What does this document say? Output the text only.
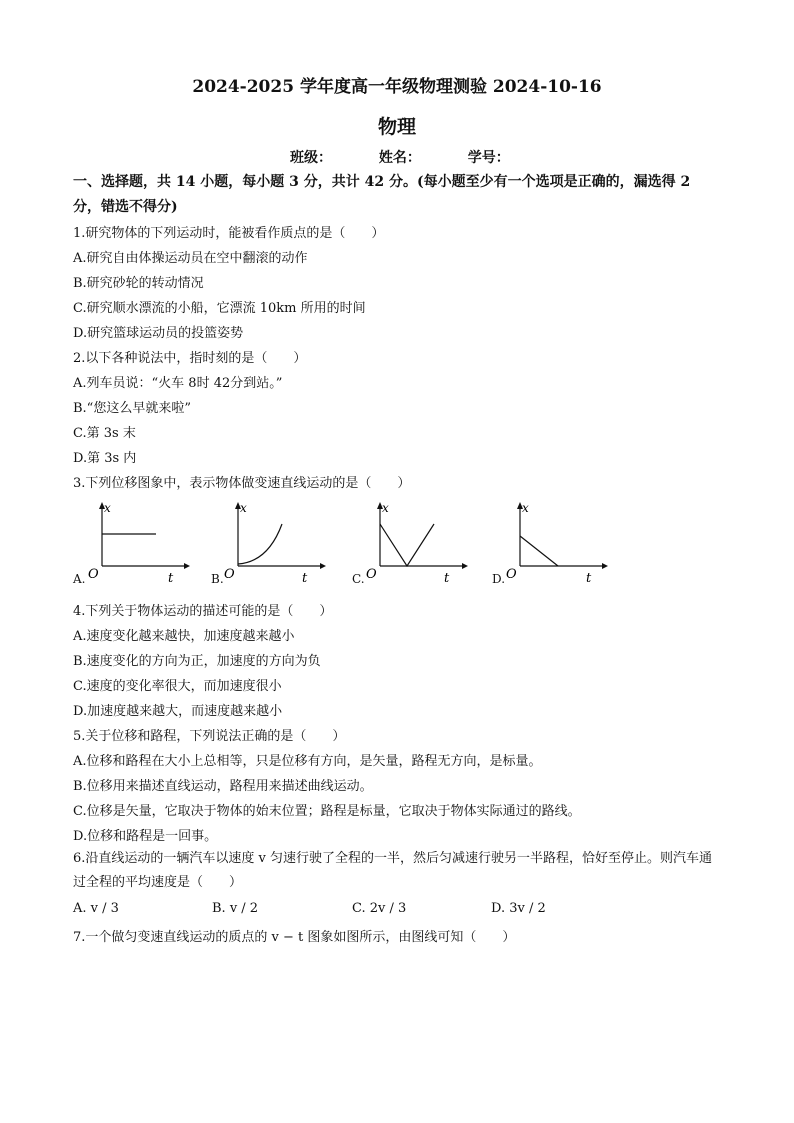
2024-2025 学年度高一年级物理测验 2024-10-16
物理
班级：	姓名：	学号：
一、选择题，共 14 小题，每小题 3 分，共计 42 分。(每小题至少有一个选项是正确的，漏选得 2 分，错选不得分)
1.研究物体的下列运动时，能被看作质点的是（　　）
A.研究自由体操运动员在空中翻滚的动作
B.研究砂轮的转动情况
C.研究顺水漂流的小船，它漂流 10km 所用的时间
D.研究篮球运动员的投篮姿势
2.以下各种说法中，指时刻的是（　　）
A.列车员说：“火车 8时 42分到站。”
B.“您这么早就来啦”
C.第 3s 末
D.第 3s 内
3.下列位移图象中，表示物体做变速直线运动的是（　　）
A.
x
O	t	B.
x
O	t	C.
x
O	t	D.
x
O	t
4.下列关于物体运动的描述可能的是（　　）
A.速度变化越来越快，加速度越来越小
B.速度变化的方向为正，加速度的方向为负
C.速度的变化率很大，而加速度很小
D.加速度越来越大，而速度越来越小
5.关于位移和路程，下列说法正确的是（　　）
A.位移和路程在大小上总相等，只是位移有方向，是矢量，路程无方向，是标量。
B.位移用来描述直线运动，路程用来描述曲线运动。
C.位移是矢量，它取决于物体的始末位置；路程是标量，它取决于物体实际通过的路线。
D.位移和路程是一回事。
6.沿直线运动的一辆汽车以速度 v 匀速行驶了全程的一半，然后匀减速行驶另一半路程，恰好至停止。则汽车通过全程的平均速度是（　　）
A. v / 3	B. v / 2	C. 2v / 3	D. 3v / 2
7.一个做匀变速直线运动的质点的 v − t 图象如图所示，由图线可知（　　）
